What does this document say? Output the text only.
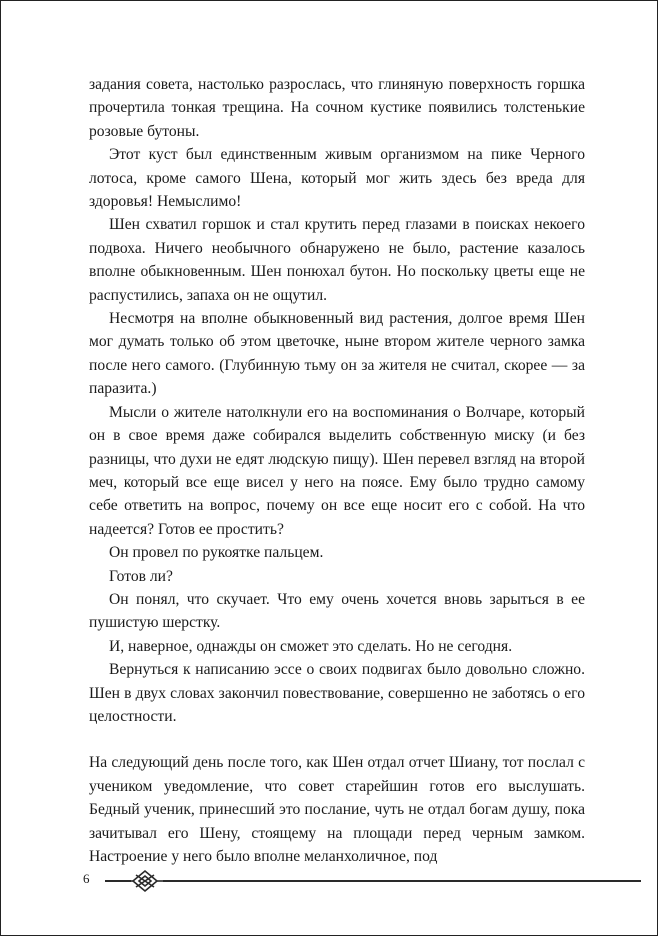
задания совета, настолько разрослась, что глиняную поверхность горшка прочертила тонкая трещина. На сочном кустике появились толстенькие розовые бутоны.

Этот куст был единственным живым организмом на пике Черного лотоса, кроме самого Шена, который мог жить здесь без вреда для здоровья! Немыслимо!

Шен схватил горшок и стал крутить перед глазами в поисках некоего подвоха. Ничего необычного обнаружено не было, растение казалось вполне обыкновенным. Шен понюхал бутон. Но поскольку цветы еще не распустились, запаха он не ощутил.

Несмотря на вполне обыкновенный вид растения, долгое время Шен мог думать только об этом цветочке, ныне втором жителе черного замка после него самого. (Глубинную тьму он за жителя не считал, скорее — за паразита.)

Мысли о жителе натолкнули его на воспоминания о Волчаре, который он в свое время даже собирался выделить собственную миску (и без разницы, что духи не едят людскую пищу). Шен перевел взгляд на второй меч, который все еще висел у него на поясе. Ему было трудно самому себе ответить на вопрос, почему он все еще носит его с собой. На что надеется? Готов ее простить?

Он провел по рукоятке пальцем.

Готов ли?

Он понял, что скучает. Что ему очень хочется вновь зарыться в ее пушистую шерстку.

И, наверное, однажды он сможет это сделать. Но не сегодня.

Вернуться к написанию эссе о своих подвигах было довольно сложно. Шен в двух словах закончил повествование, совершенно не заботясь о его целостности.

На следующий день после того, как Шен отдал отчет Шиану, тот послал с учеником уведомление, что совет старейшин готов его выслушать. Бедный ученик, принесший это послание, чуть не отдал богам душу, пока зачитывал его Шену, стоящему на площади перед черным замком. Настроение у него было вполне меланхоличное, под

6
